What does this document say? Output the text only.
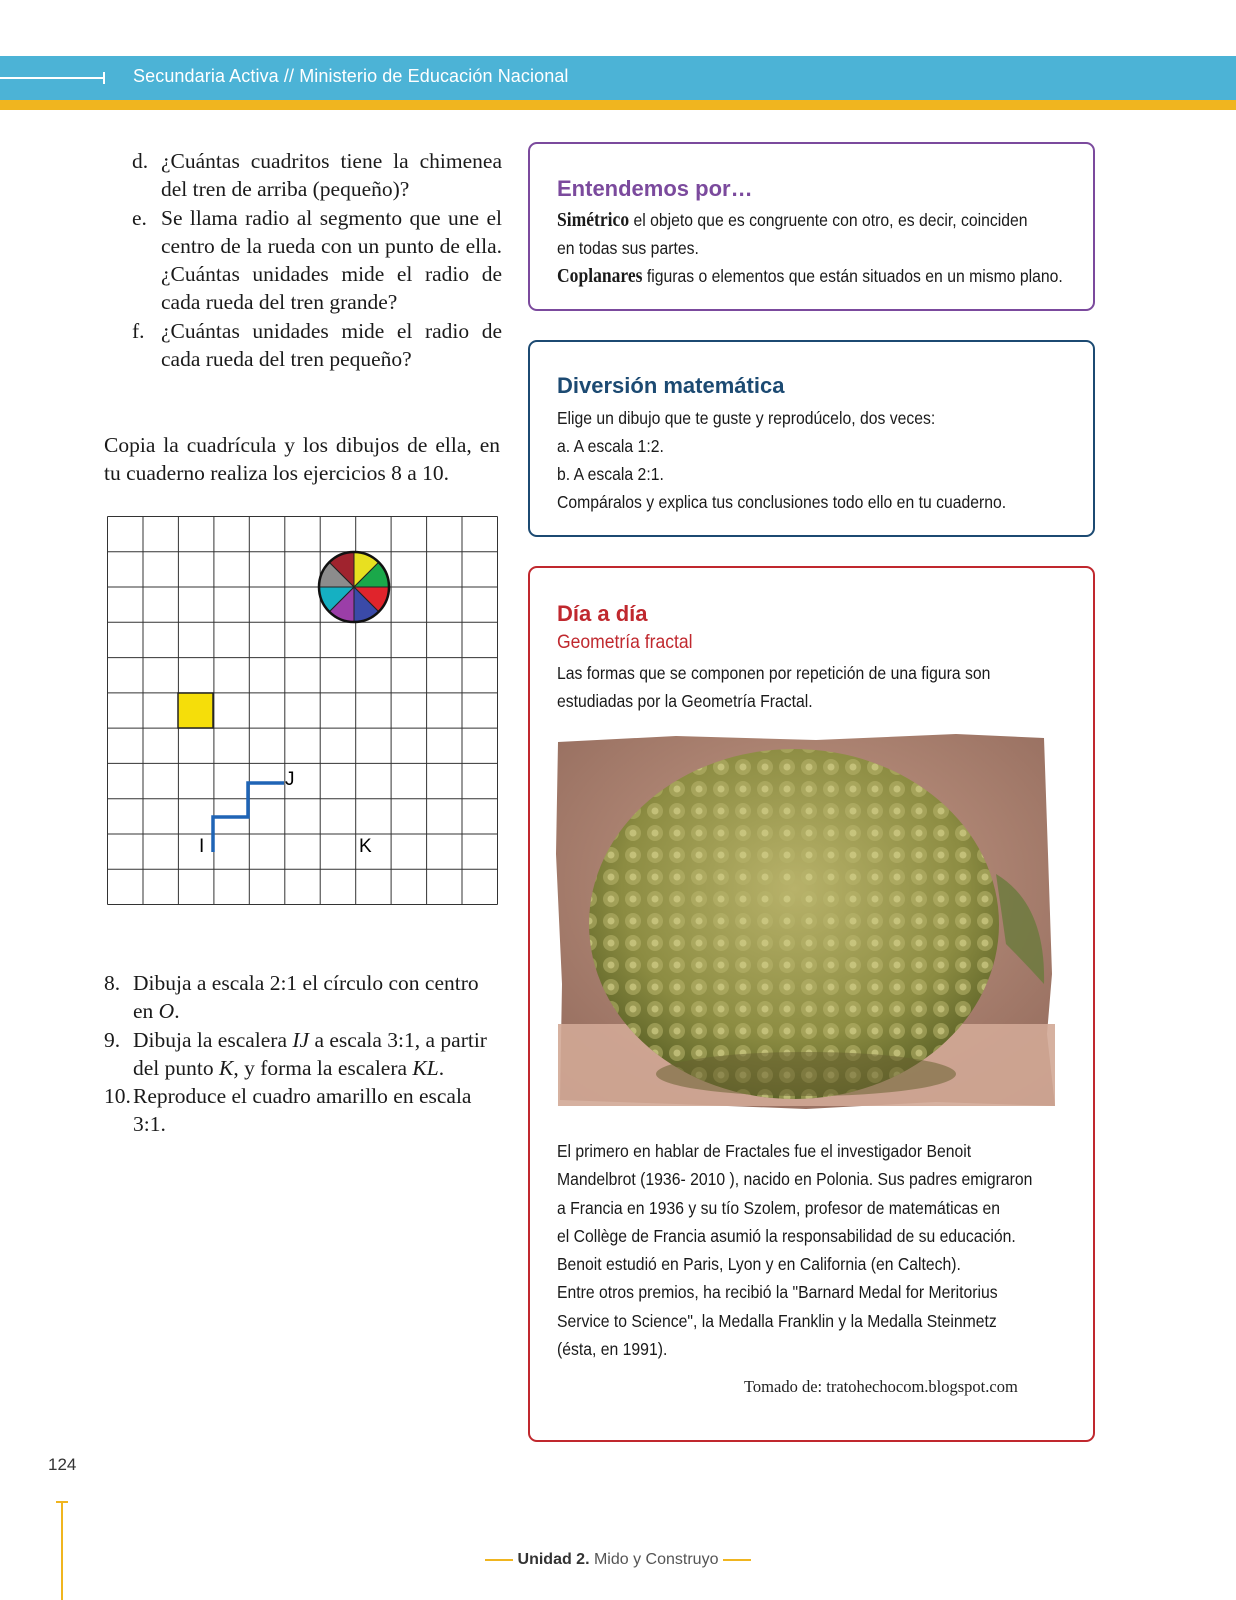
Secundaria Activa // Ministerio de Educación Nacional
d. ¿Cuántas cuadritos tiene la chimenea del tren de arriba (pequeño)?
e. Se llama radio al segmento que une el centro de la rueda con un punto de ella. ¿Cuántas unidades mide el radio de cada rueda del tren grande?
f. ¿Cuántas unidades mide el radio de cada rueda del tren pequeño?
Copia la cuadrícula y los dibujos de ella, en tu cuaderno realiza los ejercicios 8 a 10.
I
J
K
8. Dibuja a escala 2:1 el círculo con centro en O.
9. Dibuja la escalera IJ a escala 3:1, a partir del punto K, y forma la escalera KL.
10. Reproduce el cuadro amarillo en escala 3:1.
Entendemos por…
Simétrico el objeto que es congruente con otro, es decir, coinciden
en todas sus partes.
Coplanares figuras o elementos que están situados en un mismo plano.
Diversión matemática
Elige un dibujo que te guste y reprodúcelo, dos veces:
a. A escala 1:2.
b. A escala 2:1.
Compáralos y explica tus conclusiones todo ello en tu cuaderno.
Día a día
Geometría fractal
Las formas que se componen por repetición de una figura son
estudiadas por la Geometría Fractal.
El primero en hablar de Fractales fue el investigador Benoit
Mandelbrot (1936- 2010 ), nacido en Polonia. Sus padres emigraron
a Francia en 1936 y su tío Szolem, profesor de matemáticas en
el Collège de Francia asumió la responsabilidad de su educación.
Benoit estudió en Paris, Lyon y en California (en Caltech).
Entre otros premios, ha recibió la "Barnard Medal for Meritorius
Service to Science", la Medalla Franklin y la Medalla Steinmetz
(ésta, en 1991).
Tomado de: tratohechocom.blogspot.com
124
Unidad 2. Mido y Construyo
